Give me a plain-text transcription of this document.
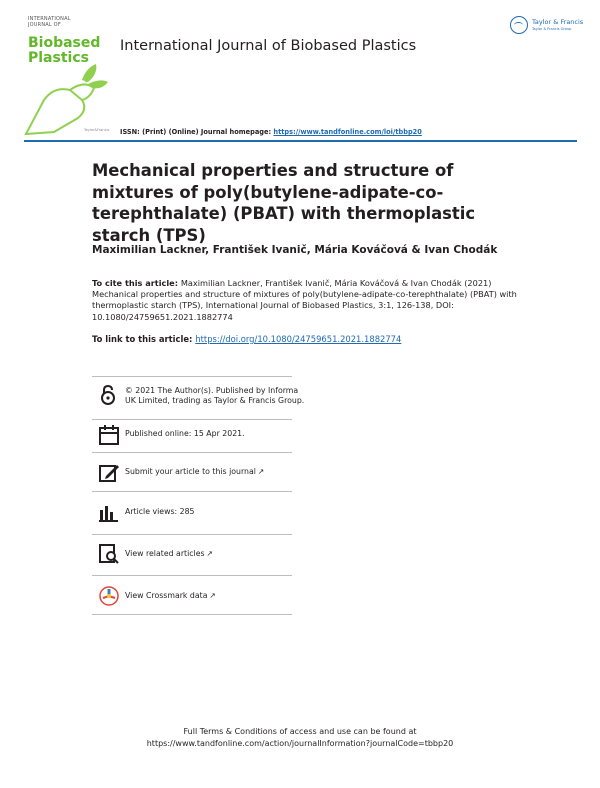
INTERNATIONAL
JOURNAL OF
Biobased
Plastics
Taylor&Francis
Taylor & Francis
Taylor & Francis Group
International Journal of Biobased Plastics
ISSN: (Print) (Online) Journal homepage: https://www.tandfonline.com/loi/tbbp20
Mechanical properties and structure of mixtures of poly(butylene-adipate-co-terephthalate) (PBAT) with thermoplastic starch (TPS)
Maximilian Lackner, František Ivanič, Mária Kováčová & Ivan Chodák
To cite this article: Maximilian Lackner, František Ivanič, Mária Kováčová & Ivan Chodák (2021) Mechanical properties and structure of mixtures of poly(butylene-adipate-co-terephthalate) (PBAT) with thermoplastic starch (TPS), International Journal of Biobased Plastics, 3:1, 126-138, DOI: 10.1080/24759651.2021.1882774
To link to this article: https://doi.org/10.1080/24759651.2021.1882774
© 2021 The Author(s). Published by Informa UK Limited, trading as Taylor & Francis Group.
Published online: 15 Apr 2021.
Submit your article to this journal ↗
Article views: 285
View related articles ↗
View Crossmark data ↗
Full Terms & Conditions of access and use can be found at
https://www.tandfonline.com/action/journalInformation?journalCode=tbbp20
